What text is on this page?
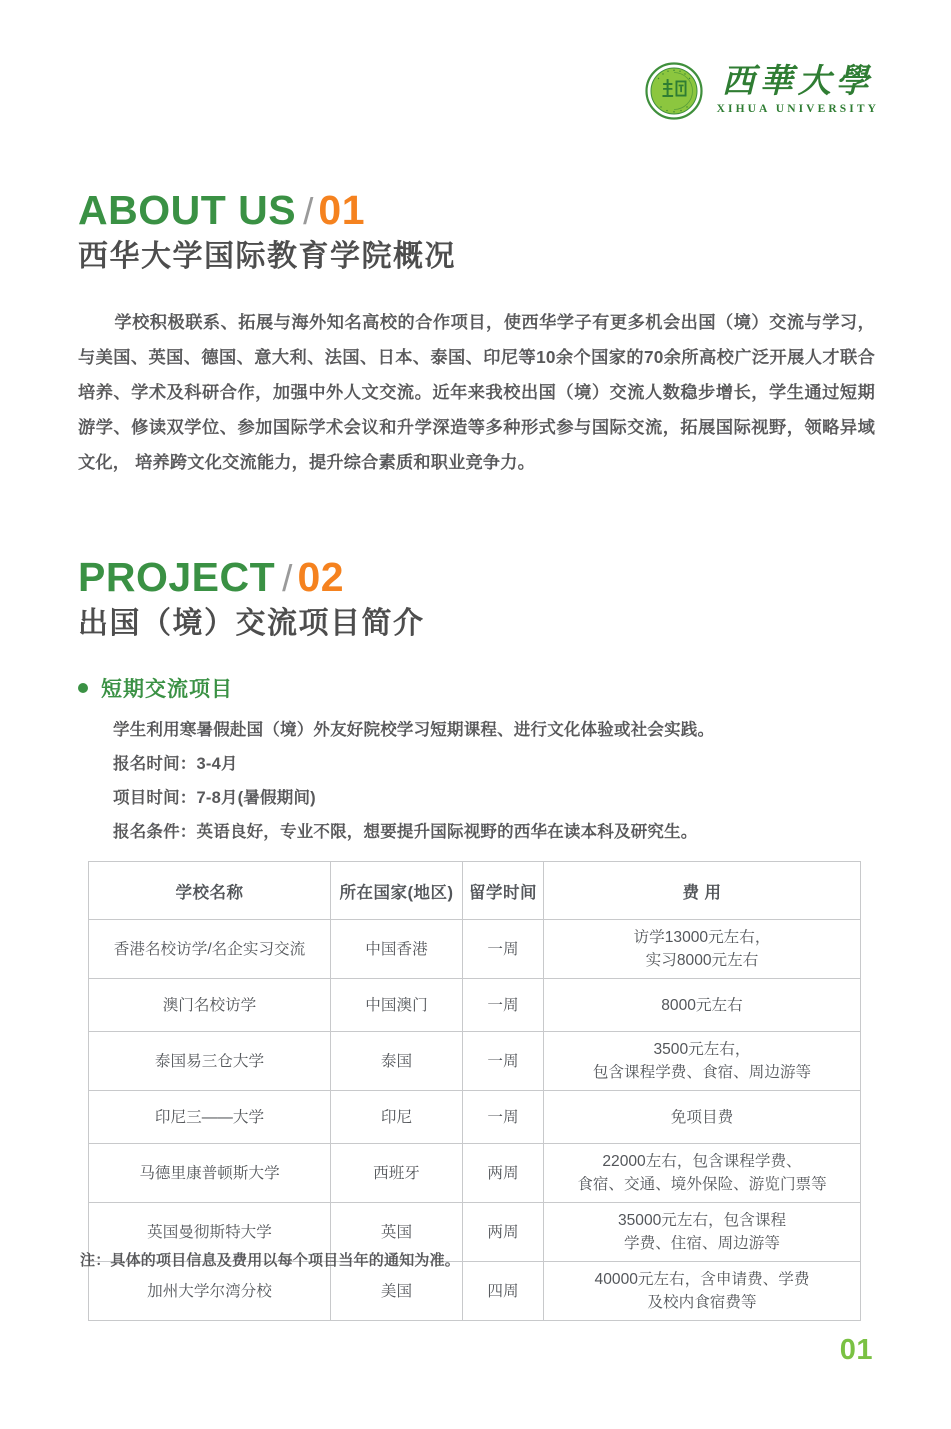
西華大學
XIHUA UNIVERSITY
ABOUT US / 01
西华大学国际教育学院概况
学校积极联系、拓展与海外知名高校的合作项目，使西华学子有更多机会出国（境）交流与学习，与美国、英国、德国、意大利、法国、日本、泰国、印尼等10余个国家的70余所高校广泛开展人才联合培养、学术及科研合作，加强中外人文交流。近年来我校出国（境）交流人数稳步增长，学生通过短期游学、修读双学位、参加国际学术会议和升学深造等多种形式参与国际交流，拓展国际视野，领略异域文化， 培养跨文化交流能力，提升综合素质和职业竞争力。
PROJECT / 02
出国（境）交流项目简介
短期交流项目
学生利用寒暑假赴国（境）外友好院校学习短期课程、进行文化体验或社会实践。
报名时间：3-4月
项目时间：7-8月(暑假期间)
报名条件：英语良好，专业不限，想要提升国际视野的西华在读本科及研究生。
学校名称	所在国家(地区)	留学时间	费 用
香港名校访学/名企实习交流	中国香港	一周	访学13000元左右，
实习8000元左右
澳门名校访学	中国澳门	一周	8000元左右
泰国易三仓大学	泰国	一周	3500元左右，
包含课程学费、食宿、周边游等
印尼三——大学	印尼	一周	免项目费
马德里康普顿斯大学	西班牙	两周	22000左右，包含课程学费、
食宿、交通、境外保险、游览门票等
英国曼彻斯特大学	英国	两周	35000元左右，包含课程
学费、住宿、周边游等
加州大学尔湾分校	美国	四周	40000元左右，含申请费、学费
及校内食宿费等
注：具体的项目信息及费用以每个项目当年的通知为准。
01
